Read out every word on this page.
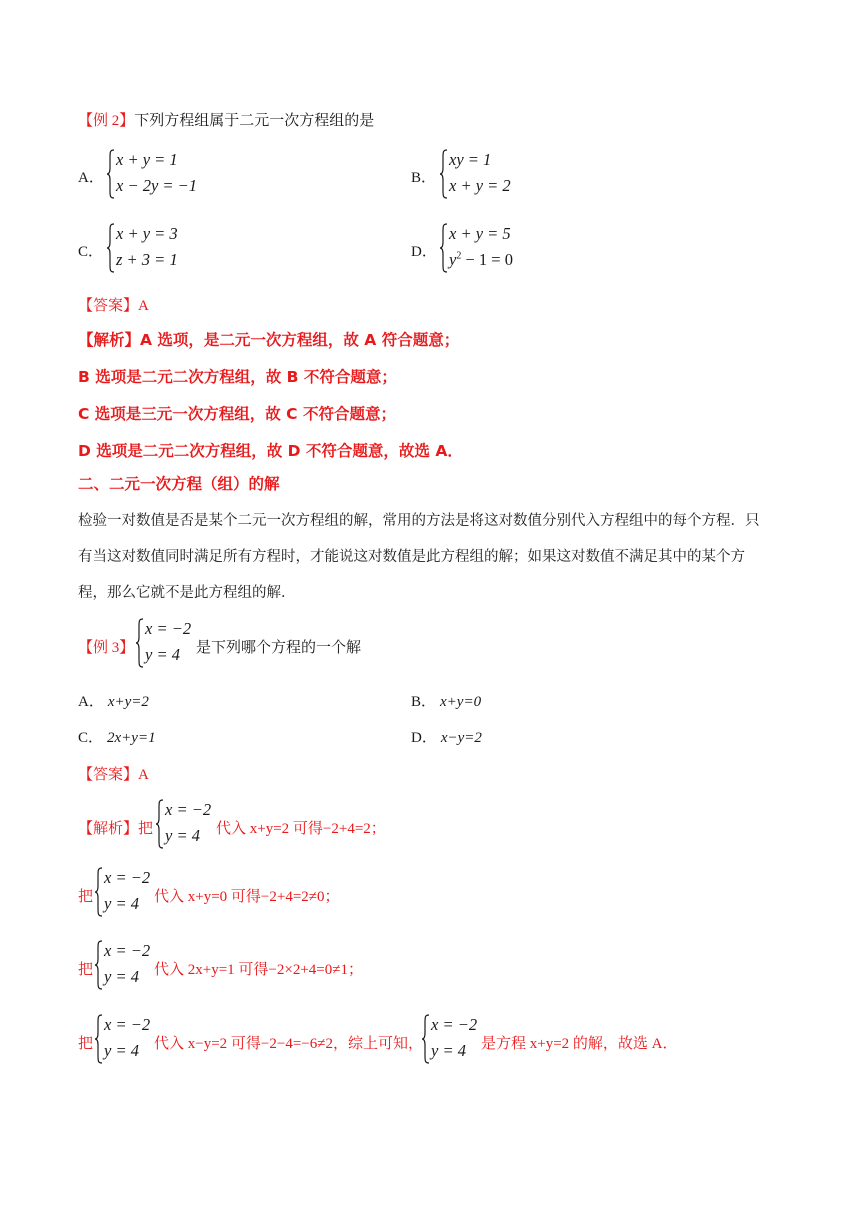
【例 2】下列方程组属于二元一次方程组的是
A．
x + y = 1
x − 2y = −1	B．
xy = 1
x + y = 2
C．
x + y = 3
z + 3 = 1	D．
x + y = 5
$y^2 - 1 = 0$
【答案】A
【解析】A 选项，是二元一次方程组，故 A 符合题意；
B 选项是二元二次方程组，故 B 不符合题意；
C 选项是三元一次方程组，故 C 不符合题意；
D 选项是二元二次方程组，故 D 不符合题意，故选 A．
二、二元一次方程（组）的解
检验一对数值是否是某个二元一次方程组的解，常用的方法是将这对数值分别代入方程组中的每个方程．只
有当这对数值同时满足所有方程时，才能说这对数值是此方程组的解；如果这对数值不满足其中的某个方
程，那么它就不是此方程组的解．
【例 3】
x = −2
y = 4 是下列哪个方程的一个解
A． x+y=2	B． x+y=0
C． 2x+y=1	D． x−y=2
【答案】A
【解析】把
x = −2
y = 4 代入 x+y=2 可得−2+4=2；
把
x = −2
y = 4 代入 x+y=0 可得−2+4=2≠0；
把
x = −2
y = 4 代入 2x+y=1 可得−2×2+4=0≠1；
把
x = −2
y = 4 代入 x−y=2 可得−2−4=−6≠2，综上可知，
x = −2
y = 4 是方程 x+y=2 的解，故选 A．
